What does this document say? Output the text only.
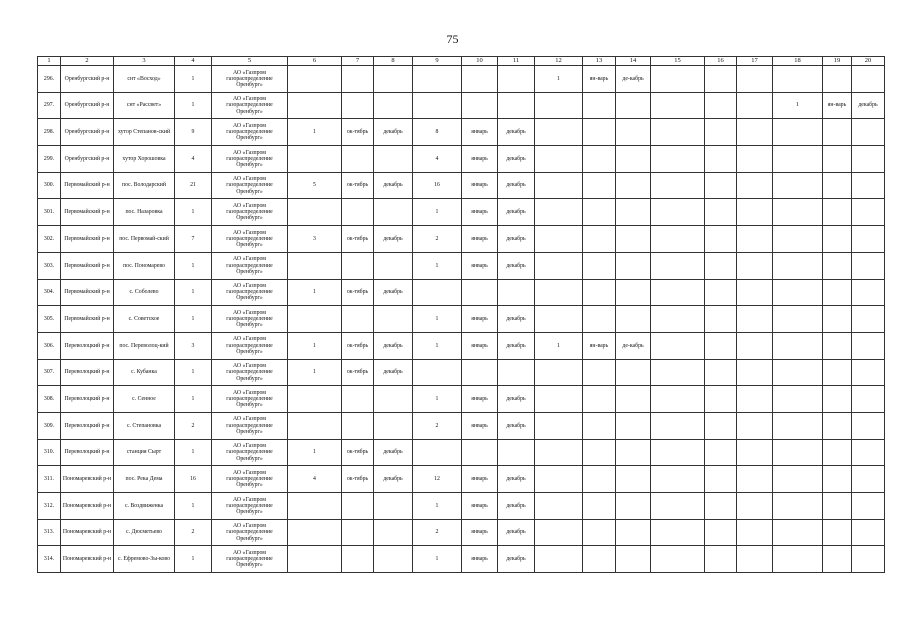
75
1	2	3	4	5	6	7	8	9	10	11	12	13	14	15	16	17	18	19	20
296.	Оренбургский р-н	снт «Восход»	1	АО «Газпром газораспределение Оренбург»							1	ян-варь	де-кабрь						
297.	Оренбургский р-н	снт «Рассвет»	1	АО «Газпром газораспределение Оренбург»													1	ян-варь	декабрь
298.	Оренбургский р-н	хутор Степанов-ский	9	АО «Газпром газораспределение Оренбург»	1	ок-тябрь	декабрь	8	январь	декабрь									
299.	Оренбургский р-н	хутор Хорошовка	4	АО «Газпром газораспределение Оренбург»				4	январь	декабрь									
300.	Первомайский р-н	пос. Володарский	21	АО «Газпром газораспределение Оренбург»	5	ок-тябрь	декабрь	16	январь	декабрь									
301.	Первомайский р-н	пос. Назаровка	1	АО «Газпром газораспределение Оренбург»				1	январь	декабрь									
302.	Первомайский р-н	пос. Первомай-ский	7	АО «Газпром газораспределение Оренбург»	3	ок-тябрь	декабрь	2	январь	декабрь									
303.	Первомайский р-н	пос. Пономарево	1	АО «Газпром газораспределение Оренбург»				1	январь	декабрь									
304.	Первомайский р-н	с. Соболево	1	АО «Газпром газораспределение Оренбург»	1	ок-тябрь	декабрь												
305.	Первомайский р-н	с. Советское	1	АО «Газпром газораспределение Оренбург»				1	январь	декабрь									
306.	Переволоцкий р-н	пос. Переволоц-кий	3	АО «Газпром газораспределение Оренбург»	1	ок-тябрь	декабрь	1	январь	декабрь	1	ян-варь	де-кабрь						
307.	Переволоцкий р-н	с. Кубанка	1	АО «Газпром газораспределение Оренбург»	1	ок-тябрь	декабрь												
308.	Переволоцкий р-н	с. Сенное	1	АО «Газпром газораспределение Оренбург»				1	январь	декабрь									
309.	Переволоцкий р-н	с. Степановка	2	АО «Газпром газораспределение Оренбург»				2	январь	декабрь									
310.	Переволоцкий р-н	станция Сырт	1	АО «Газпром газораспределение Оренбург»	1	ок-тябрь	декабрь												
311.	Пономаревский р-н	пос. Река Дема	16	АО «Газпром газораспределение Оренбург»	4	ок-тябрь	декабрь	12	январь	декабрь									
312.	Пономаревский р-н	с. Воздвиженка	1	АО «Газпром газораспределение Оренбург»				1	январь	декабрь									
313.	Пономаревский р-н	с. Дюсметьево	2	АО «Газпром газораспределение Оренбург»				2	январь	декабрь									
314.	Пономаревский р-н	с. Ефремово-Зы-ково	1	АО «Газпром газораспределение Оренбург»				1	январь	декабрь									
